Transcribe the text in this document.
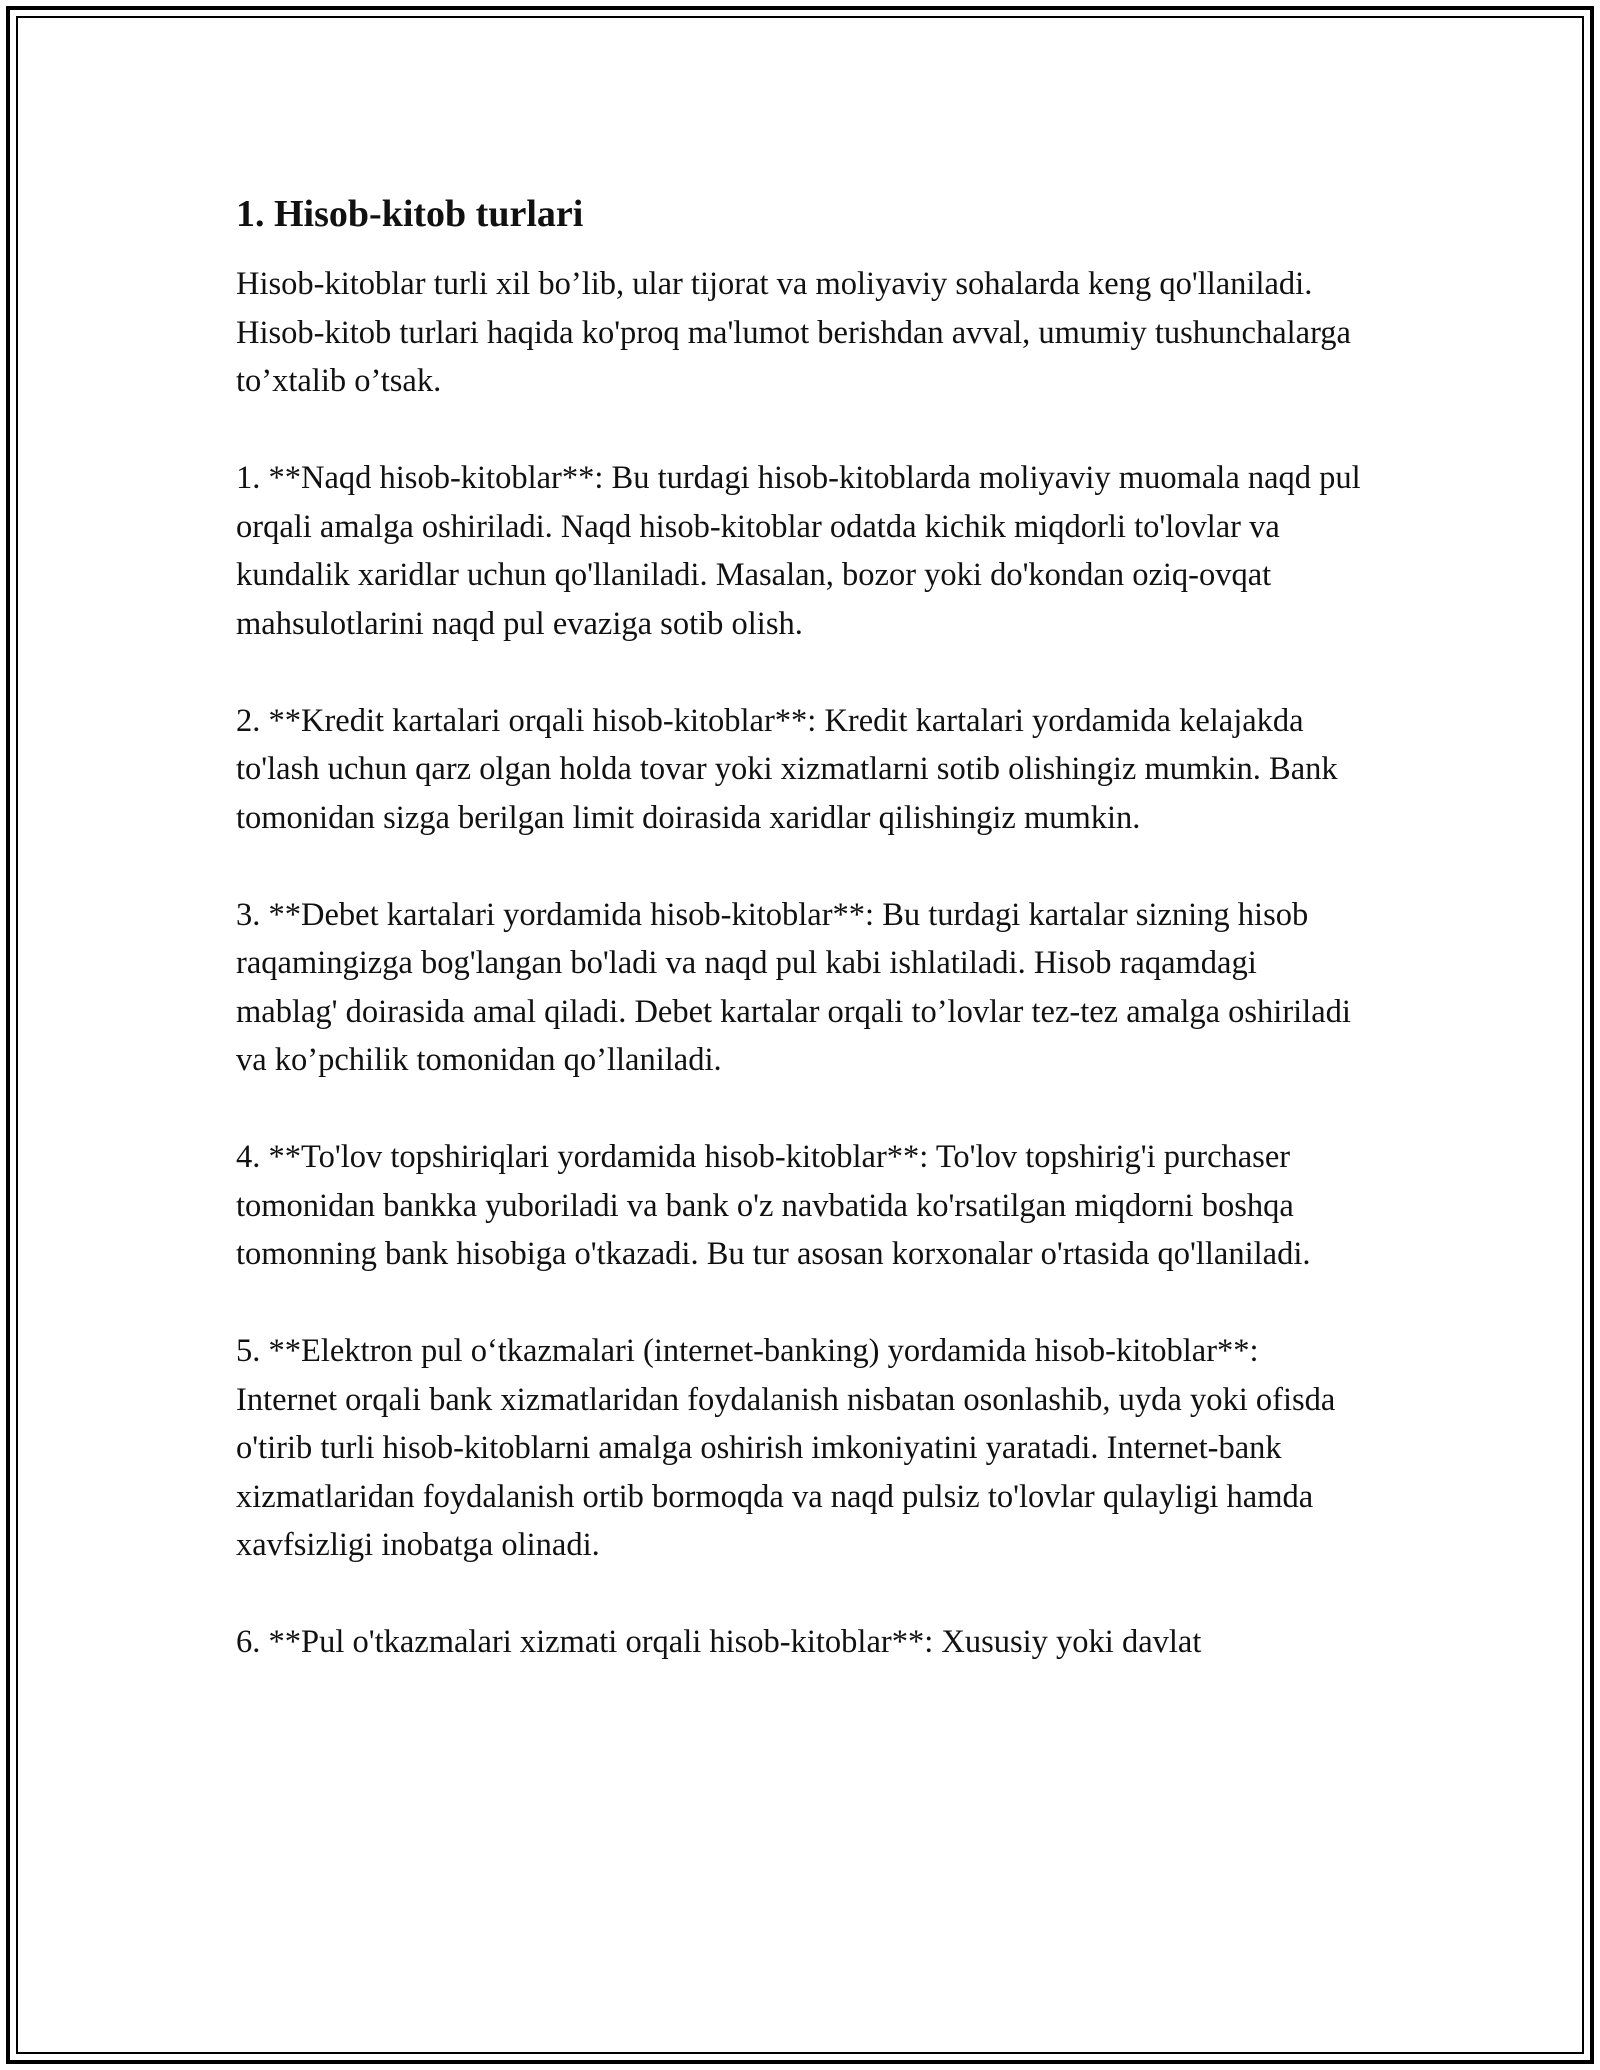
1. Hisob-kitob turlari

Hisob-kitoblar turli xil bo’lib, ular tijorat va moliyaviy sohalarda keng qo'llaniladi. Hisob-kitob turlari haqida ko'proq ma'lumot berishdan avval, umumiy tushunchalarga to’xtalib o’tsak.

1. **Naqd hisob-kitoblar**: Bu turdagi hisob-kitoblarda moliyaviy muomala naqd pul orqali amalga oshiriladi. Naqd hisob-kitoblar odatda kichik miqdorli to'lovlar va kundalik xaridlar uchun qo'llaniladi. Masalan, bozor yoki do'kondan oziq-ovqat mahsulotlarini naqd pul evaziga sotib olish.

2. **Kredit kartalari orqali hisob-kitoblar**: Kredit kartalari yordamida kelajakda to'lash uchun qarz olgan holda tovar yoki xizmatlarni sotib olishingiz mumkin. Bank tomonidan sizga berilgan limit doirasida xaridlar qilishingiz mumkin.

3. **Debet kartalari yordamida hisob-kitoblar**: Bu turdagi kartalar sizning hisob raqamingizga bog'langan bo'ladi va naqd pul kabi ishlatiladi. Hisob raqamdagi mablag' doirasida amal qiladi. Debet kartalar orqali to’lovlar tez-tez amalga oshiriladi va ko’pchilik tomonidan qo’llaniladi.

4. **To'lov topshiriqlari yordamida hisob-kitoblar**: To'lov topshirig'i purchaser tomonidan bankka yuboriladi va bank o'z navbatida ko'rsatilgan miqdorni boshqa tomonning bank hisobiga o'tkazadi. Bu tur asosan korxonalar o'rtasida qo'llaniladi.

5. **Elektron pul o‘tkazmalari (internet-banking) yordamida hisob-kitoblar**: Internet orqali bank xizmatlaridan foydalanish nisbatan osonlashib, uyda yoki ofisda o'tirib turli hisob-kitoblarni amalga oshirish imkoniyatini yaratadi. Internet-bank xizmatlaridan foydalanish ortib bormoqda va naqd pulsiz to'lovlar qulayligi hamda xavfsizligi inobatga olinadi.

6. **Pul o'tkazmalari xizmati orqali hisob-kitoblar**: Xususiy yoki davlat
